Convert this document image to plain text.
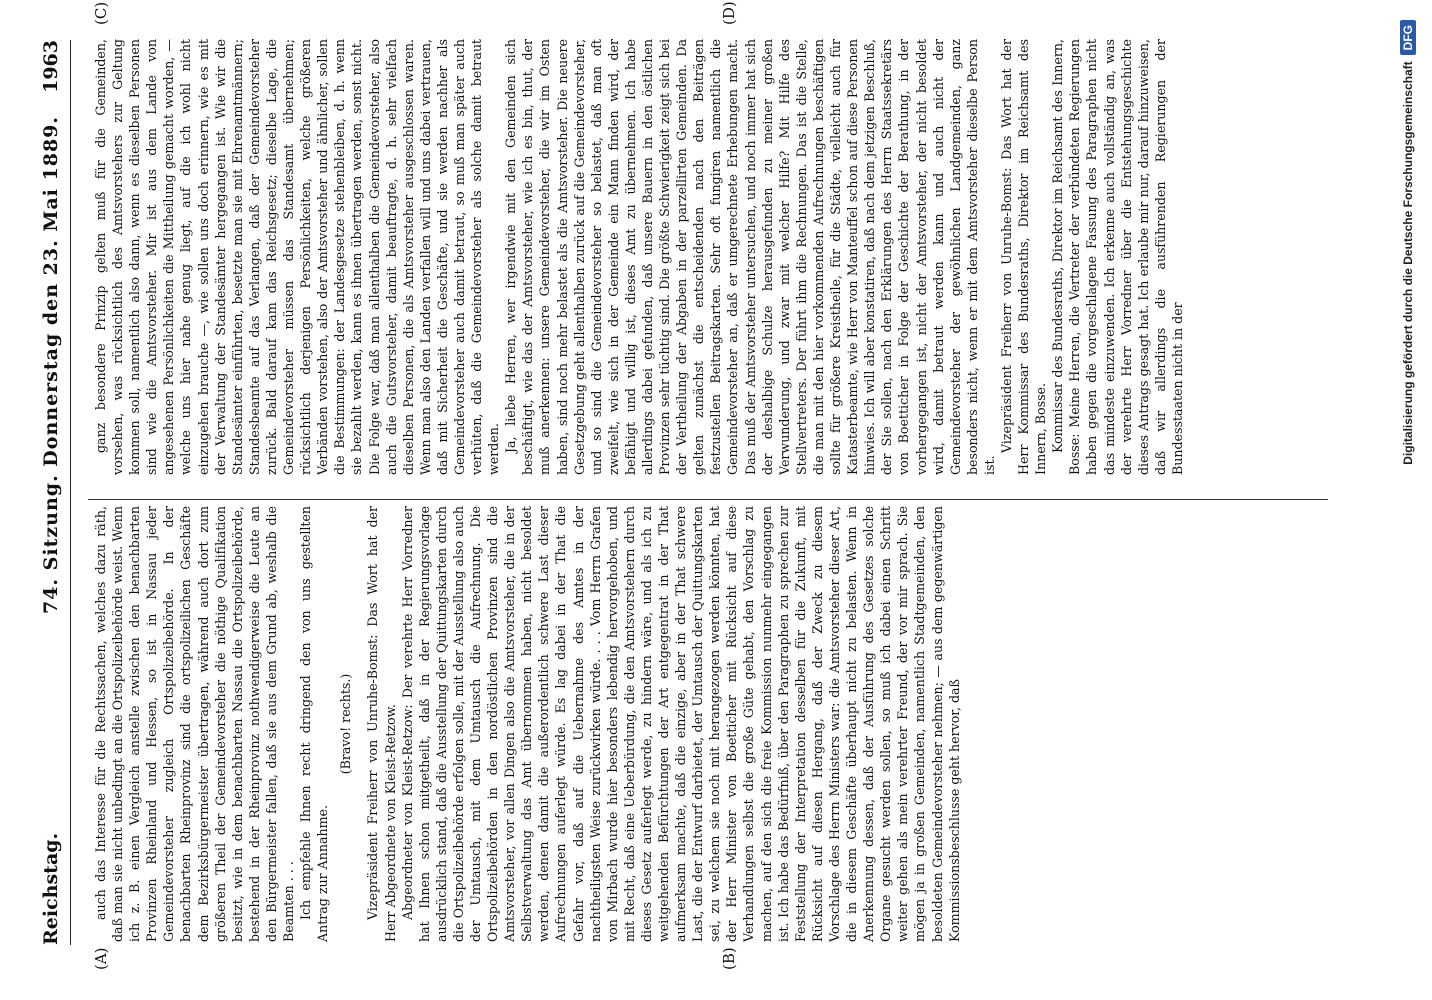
Reichstag.
74. Sitzung. Donnerstag den 23. Mai 1889.
1963
(A)	(B)
(C)	(D)

auch das Interesse für die Rechtssachen, welches dazu räth, daß man sie nicht unbedingt an die Ortspolizeibehörde weist. Wenn ich z. B. einen Vergleich anstelle zwischen den benachbarten Provinzen Rheinland und Hessen, so ist in Nassau jeder Gemeindevorsteher zugleich Ortspolizeibehörde. In der benachbarten Rheinprovinz sind die ortspolizeilichen Geschäfte dem Bezirksbürgermeister übertragen, während auch dort zum größeren Theil der Gemeindevorsteher die nöthige Qualifikation besitzt, wie in dem benachbarten Nassau die Ortspolizeibehörde, bestehend in der Rheinprovinz nothwendigerweise die Leute an den Bürgermeister fallen, daß sie aus dem Grund ab, weshalb die Beamten . . . Ich empfehle Ihnen recht dringend den von uns gestellten Antrag zur Annahme.

(Bravo! rechts.) Vizepräsident Freiherr von Unruhe-Bomst: Das Wort hat der Herr Abgeordnete von Kleist-Retzow. Abgeordneter von Kleist-Retzow: Der verehrte Herr Vorredner hat Ihnen schon mitgetheilt, daß in der Regierungsvorlage ausdrücklich stand, daß die Ausstellung der Quittungskarten durch die Ortspolizeibehörde erfolgen solle, mit der Ausstellung also auch der Umtausch, mit dem Umtausch die Aufrechnung. Die Ortspolizeibehörden in den nordöstlichen Provinzen sind die Amtsvorsteher, vor allen Dingen also die Amtsvorsteher, die in der Selbstverwaltung das Amt übernommen haben, nicht besoldet werden, denen damit die außerordentlich schwere Last dieser Aufrechnungen auferlegt würde. Es lag dabei in der That die Gefahr vor, daß auf die Uebernahme des Amtes in der nachtheiligsten Weise zurückwirken würde. . . . Vom Herrn Grafen von Mirbach wurde hier besonders lebendig hervorgehoben, und mit Recht, daß eine Ueberbürdung, die den Amtsvorstehern durch dieses Gesetz auferlegt werde, zu hindern wäre, und als ich zu weitgehenden Befürchtungen der Art entgegentrat in der That aufmerksam machte, daß die einzige, aber in der That schwere Last, die der Entwurf darbietet, der Umtausch der Quittungskarten sei, zu welchem sie noch mit herangezogen werden könnten, hat der Herr Minister von Boetticher mit Rücksicht auf diese Verhandlungen selbst die große Güte gehabt, den Vorschlag zu machen, auf den sich die freie Kommission nunmehr eingegangen ist. Ich habe das Bedürfniß, über den Paragraphen zu sprechen zur Feststellung der Interpretation desselben für die Zukunft, mit Rücksicht auf diesen Hergang, daß der Zweck zu diesem Vorschlage des Herrn Ministers war: die Amtsvorsteher dieser Art, die in diesem Geschäfte überhaupt nicht zu belasten. Wenn in Anerkennung dessen, daß der Ausführung des Gesetzes solche Organe gesucht werden sollen, so muß ich dabei einen Schritt weiter gehen als mein verehrter Freund, der vor mir sprach. Sie mögen ja in großen Gemeinden, namentlich Stadtgemeinden, den besoldeten Gemeindevorsteher nehmen; — aus dem gegenwärtigen Kommissionsbeschlusse geht hervor, daß

ganz besondere Prinzip gelten muß für die Gemeinden, vorsehen, was rücksichtlich des Amtsvorstehers zur Geltung kommen soll, namentlich also dann, wenn es dieselben Personen sind wie die Amtsvorsteher. Mir ist aus dem Lande von angesehenen Persönlichkeiten die Mittheilung gemacht worden, — welche uns hier nahe genug liegt, auf die ich wohl nicht einzugehen brauche —, wie sollen uns doch erinnern, wie es mit der Verwaltung der Standesämter hergegangen ist. Wie wir die Standesämter einführten, besetzte man sie mit Ehrenamtmännern; Standesbeamte auf das Verlangen, daß der Gemeindevorsteher zurück. Bald darauf kam das Reichsgesetz; dieselbe Lage, die Gemeindevorsteher müssen das Standesamt übernehmen; rücksichtlich derjenigen Persönlichkeiten, welche größeren Verbänden vorstehen, also der Amtsvorsteher und ähnlicher, sollen die Bestimmungen: der Landesgesetze stehenbleiben, d. h. wenn sie bezahlt werden, kann es ihnen übertragen werden, sonst nicht. Die Folge war, daß man allenthalben die Gemeindevorsteher, also auch die Gutsvorsteher, damit beauftragte, d. h. sehr vielfach dieselben Personen, die als Amtsvorsteher ausgeschlossen waren. Wenn man also den Landen verfallen will und uns dabei vertrauen, daß mit Sicherheit die Geschäfte, und sie werden nachher als Gemeindevorsteher auch damit betraut, so muß man später auch verhüten, daß die Gemeindevorsteher als solche damit betraut werden. Ja, liebe Herren, wer irgendwie mit den Gemeinden sich beschäftigt, wie das der Amtsvorsteher, wie ich es bin, thut, der muß anerkennen: unsere Gemeindevorsteher, die wir im Osten haben, sind noch mehr belastet als die Amtsvorsteher. Die neuere Gesetzgebung geht allenthalben zurück auf die Gemeindevorsteher, und so sind die Gemeindevorsteher so belastet, daß man oft zweifelt, wie sich in der Gemeinde ein Mann finden wird, der befähigt und willig ist, dieses Amt zu übernehmen. Ich habe allerdings dabei gefunden, daß unsere Bauern in den östlichen Provinzen sehr tüchtig sind. Die größte Schwierigkeit zeigt sich bei der Vertheilung der Abgaben in der parzellirten Gemeinden. Da gelten zunächst die entscheidenden nach den Beiträgen festzustellen Beitragskarten. Sehr oft fungiren namentlich die Gemeindevorsteher an, daß er umgerechnete Erhebungen macht. Das muß der Amtsvorsteher untersuchen, und noch immer hat sich der deshalbige Schulze herausgefunden zu meiner großen Verwunderung, und zwar mit welcher Hilfe? Mit Hilfe des Stellvertreters. Der führt ihm die Rechnungen. Das ist die Stelle, die man mit den hier vorkommenden Aufrechnungen beschäftigen sollte für größere Kreistheile, für die Städte, vielleicht auch für Katasterbeamte, wie Herr von Manteuffel schon auf diese Personen hinwies. Ich will aber konstatiren, daß nach dem jetzigen Beschluß, der Sie sollen, nach den Erklärungen des Herrn Staatssekretärs von Boetticher in Folge der Geschichte der Berathung, in der vorhergegangen ist, nicht der Amtsvorsteher, der nicht besoldet wird, damit betraut werden kann und auch nicht der Gemeindevorsteher der gewöhnlichen Landgemeinden, ganz besonders nicht, wenn er mit dem Amtsvorsteher dieselbe Person ist.

Vizepräsident Freiherr von Unruhe-Bomst: Das Wort hat der Herr Kommissar des Bundesraths, Direktor im Reichsamt des Innern, Bosse. Kommissar des Bundesraths, Direktor im Reichsamt des Innern, Bosse: Meine Herren, die Vertreter der verbündeten Regierungen haben gegen die vorgeschlagene Fassung des Paragraphen nicht das mindeste einzuwenden. Ich erkenne auch vollständig an, was der verehrte Herr Vorredner über die Entstehungsgeschichte dieses Antrags gesagt hat. Ich erlaube mir nur, darauf hinzuweisen, daß wir allerdings die ausführenden Regierungen der Bundesstaaten nicht in der	Digitalisierung gefördert durch die Deutsche ForschungsgemeinschaftDFG
